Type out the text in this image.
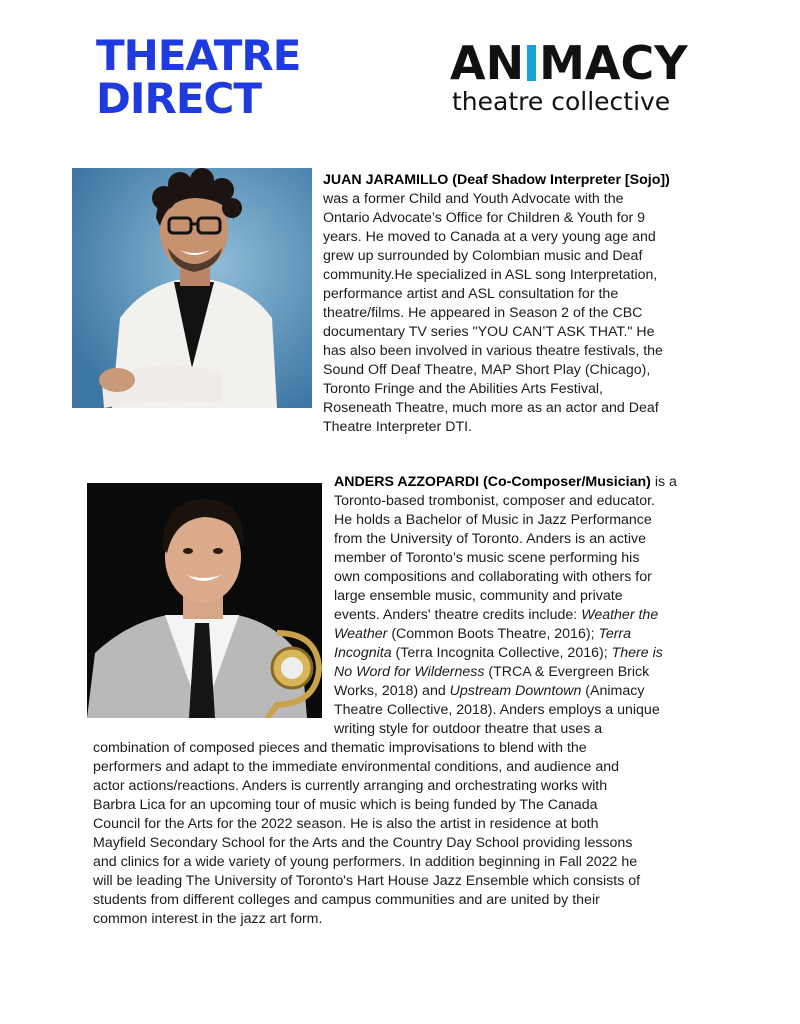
THEATRE
DIRECT
AN MACY
theatre collective
JUAN JARAMILLO (Deaf Shadow Interpreter [Sojo])
was a former Child and Youth Advocate with the
Ontario Advocate’s Office for Children & Youth for 9
years. He moved to Canada at a very young age and
grew up surrounded by Colombian music and Deaf
community.He specialized in ASL song Interpretation,
performance artist and ASL consultation for the
theatre/films. He appeared in Season 2 of the CBC
documentary TV series "YOU CAN’T ASK THAT." He
has also been involved in various theatre festivals, the
Sound Off Deaf Theatre, MAP Short Play (Chicago),
Toronto Fringe and the Abilities Arts Festival,
Roseneath Theatre, much more as an actor and Deaf
Theatre Interpreter DTI.
ANDERS AZZOPARDI (Co-Composer/Musician) is a
Toronto-based trombonist, composer and educator.
He holds a Bachelor of Music in Jazz Performance
from the University of Toronto. Anders is an active
member of Toronto’s music scene performing his
own compositions and collaborating with others for
large ensemble music, community and private
events. Anders' theatre credits include: Weather the
Weather (Common Boots Theatre, 2016); Terra
Incognita (Terra Incognita Collective, 2016); There is
No Word for Wilderness (TRCA & Evergreen Brick
Works, 2018) and Upstream Downtown (Animacy
Theatre Collective, 2018). Anders employs a unique
writing style for outdoor theatre that uses a
combination of composed pieces and thematic improvisations to blend with the
performers and adapt to the immediate environmental conditions, and audience and
actor actions/reactions. Anders is currently arranging and orchestrating works with
Barbra Lica for an upcoming tour of music which is being funded by The Canada
Council for the Arts for the 2022 season. He is also the artist in residence at both
Mayfield Secondary School for the Arts and the Country Day School providing lessons
and clinics for a wide variety of young performers. In addition beginning in Fall 2022 he
will be leading The University of Toronto's Hart House Jazz Ensemble which consists of
students from different colleges and campus communities and are united by their
common interest in the jazz art form.
